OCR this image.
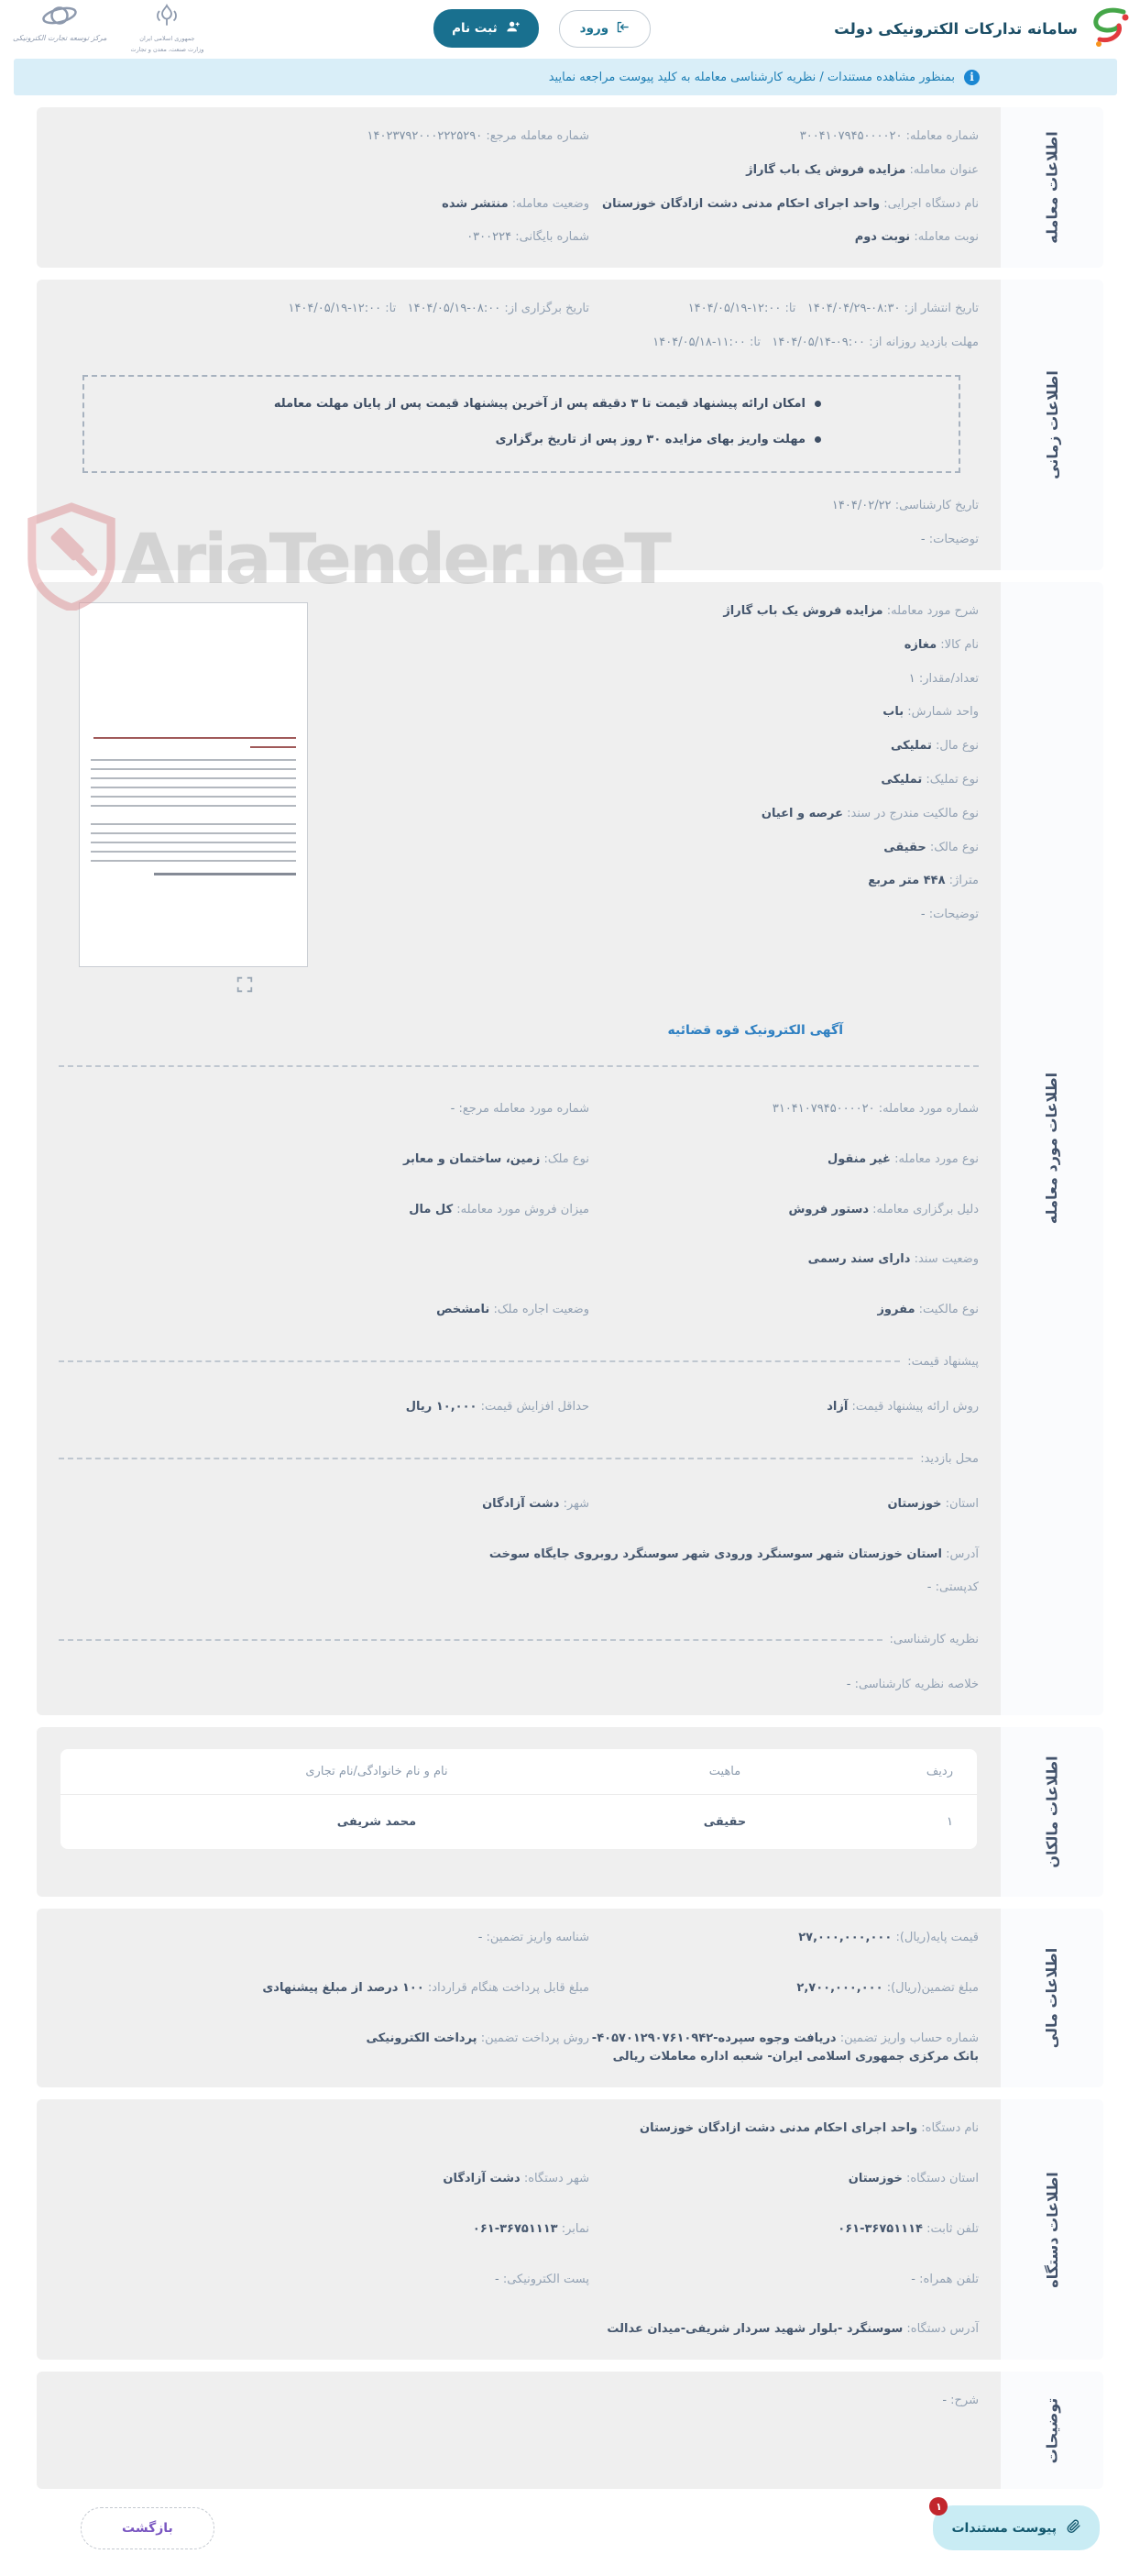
سامانه تدارکات الکترونیکی دولت
ورود
ثبت نام
مرکز توسعه تجارت الکترونیکی	جمهوری اسلامی ایران
وزارت صنعت، معدن و تجارت
i
بمنظور مشاهده مستندات / نظریه کارشناسی معامله به کلید پیوست مراجعه نمایید
AriaTender.neT
اطلاعات معامله
شماره معامله: ۳۰۰۴۱۰۷۹۴۵۰۰۰۰۲۰
شماره معامله مرجع: ۱۴۰۲۳۷۹۲۰۰۰۲۲۲۵۲۹۰
عنوان معامله: مزایده فروش یک باب گاراژ
نام دستگاه اجرایی: واحد اجرای احکام مدنی دشت ازادگان خوزستان
وضعیت معامله: منتشر شده
نوبت معامله: نوبت دوم
شماره بایگانی: ۰۳۰۰۲۲۴
اطلاعات زمانی
تاریخ انتشار از: ۱۴۰۴/۰۴/۲۹-۰۸:۳۰   تا: ۱۴۰۴/۰۵/۱۹-۱۲:۰۰
تاریخ برگزاری از: ۱۴۰۴/۰۵/۱۹-۰۸:۰۰   تا: ۱۴۰۴/۰۵/۱۹-۱۲:۰۰
مهلت بازدید روزانه از: ۱۴۰۴/۰۵/۱۴-۰۹:۰۰   تا: ۱۴۰۴/۰۵/۱۸-۱۱:۰۰
امکان ارائه پیشنهاد قیمت تا ۳ دقیقه پس از آخرین پیشنهاد قیمت پس از پایان مهلت معامله
مهلت واریز بهای مزایده ۳۰ روز پس از تاریخ برگزاری
تاریخ کارشناسی: ۱۴۰۴/۰۲/۲۲
توضیحات: -
اطلاعات مورد معامله
شرح مورد معامله: مزایده فروش یک باب گاراژ
نام کالا: مغازه
تعداد/مقدار: ۱
واحد شمارش: باب
نوع مال: تملیکی
نوع تملیک: تملیکی
نوع مالکیت مندرج در سند: عرصه و اعیان
نوع مالک: حقیقی
متراژ: ۴۴۸ متر مربع
توضیحات: -
آگهی الکترونیک قوه قضائیه
شماره مورد معامله: ۳۱۰۴۱۰۷۹۴۵۰۰۰۰۲۰
شماره مورد معامله مرجع: -
نوع مورد معامله: غیر منقول
نوع ملک: زمین، ساختمان و معابر
دلیل برگزاری معامله: دستور فروش
میزان فروش مورد معامله: کل مال
وضعیت سند: دارای سند رسمی
نوع مالکیت: مفروز
وضعیت اجاره ملک: نامشخص
پیشنهاد قیمت:
روش ارائه پیشنهاد قیمت: آزاد
حداقل افزایش قیمت: ۱۰,۰۰۰ ریال
محل بازدید:
استان: خوزستان
شهر: دشت آزادگان
آدرس: استان خوزستان شهر سوسنگرد ورودی شهر سوسنگرد روبروی جایگاه سوخت
کدپستی: -
نظریه کارشناسی:
خلاصه نظریه کارشناسی: -
اطلاعات مالکان
ردیف
ماهیت
نام و نام خانوادگی/نام تجاری
۱
حقیقی
محمد شریفی
اطلاعات مالی
قیمت پایه(ریال): ۲۷,۰۰۰,۰۰۰,۰۰۰
شناسه واریز تضمین: -
مبلغ تضمین(ریال): ۲,۷۰۰,۰۰۰,۰۰۰
مبلغ قابل پرداخت هنگام قرارداد: ۱۰۰ درصد از مبلغ پیشنهادی
شماره حساب واریز تضمین: دریافت وجوه سپرده-۴۰۵۷۰۱۲۹۰۷۶۱۰۹۴۲- بانک مرکزی جمهوری اسلامی ایران- شعبه اداره معاملات ریالی
روش پرداخت تضمین: پرداخت الکترونیکی
اطلاعات دستگاه
نام دستگاه: واحد اجرای احکام مدنی دشت ازادگان خوزستان
استان دستگاه: خوزستان
شهر دستگاه: دشت آزادگان
تلفن ثابت: ۰۶۱-۳۶۷۵۱۱۱۴
نمابر: ۰۶۱-۳۶۷۵۱۱۱۳
تلفن همراه: -
پست الکترونیکی: -
آدرس دستگاه: سوسنگرد -بلوار شهید سردار شریفی-میدان عدالت
توضیحات
شرح: -
۱
پیوست مستندات
بازگشت
